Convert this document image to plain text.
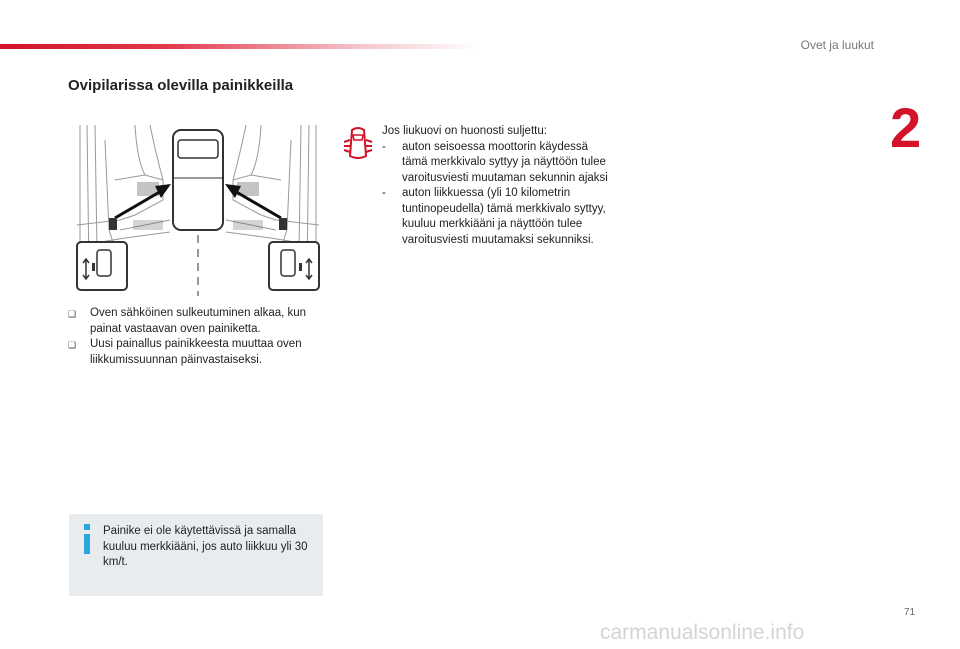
Ovet ja luukut
2
Ovipilarissa olevilla painikkeilla
❑	Oven sähköinen sulkeutuminen alkaa, kun painat vastaavan oven painiketta.
❑	Uusi painallus painikkeesta muuttaa oven liikkumissuunnan päinvastaiseksi.
Jos liukuovi on huonosti suljettu:
-	auton seisoessa moottorin käydessä tämä merkkivalo syttyy ja näyttöön tulee varoitusviesti muutaman sekunnin ajaksi
-	auton liikkuessa (yli 10 kilometrin tuntinopeudella) tämä merkkivalo syttyy, kuuluu merkkiääni ja näyttöön tulee varoitusviesti muutamaksi sekunniksi.
Painike ei ole käytettävissä ja samalla kuuluu merkkiääni, jos auto liikkuu yli 30 km/t.
71
carmanualsonline.info
